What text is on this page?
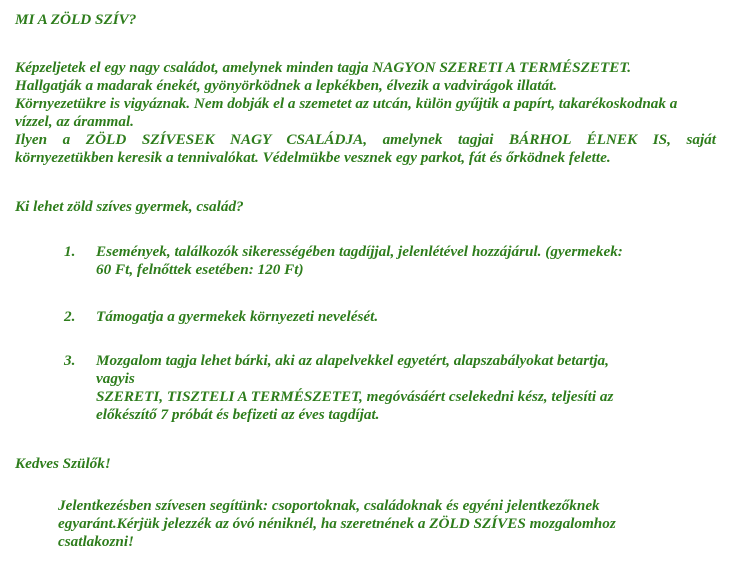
MI A ZÖLD SZÍV?
Képzeljetek el egy nagy családot, amelynek minden tagja NAGYON SZERETI A TERMÉSZETET.
Hallgatják a madarak énekét, gyönyörködnek a lepkékben, élvezik a vadvirágok illatát.
Környezetükre is vigyáznak. Nem dobják el a szemetet az utcán, külön gyűjtik a papírt, takarékoskodnak a
vízzel, az árammal.
Ilyen a ZÖLD SZÍVESEK NAGY CSALÁDJA, amelynek tagjai BÁRHOL ÉLNEK IS, saját
környezetükben keresik a tennivalókat. Védelmükbe vesznek egy parkot, fát és őrködnek felette.
Ki lehet zöld szíves gyermek, család?
1. Események, találkozók sikerességében tagdíjjal, jelenlétével hozzájárul. (gyermekek:
60 Ft, felnőttek esetében: 120 Ft)
2. Támogatja a gyermekek környezeti nevelését.
3. Mozgalom tagja lehet bárki, aki az alapelvekkel egyetért, alapszabályokat betartja,
vagyis
SZERETI, TISZTELI A TERMÉSZETET, megóvásáért cselekedni kész, teljesíti az
előkészítő 7 próbát és befizeti az éves tagdíjat.
Kedves Szülők!
Jelentkezésben szívesen segítünk: csoportoknak, családoknak és egyéni jelentkezőknek
egyaránt.Kérjük jelezzék az óvó néniknél, ha szeretnének a ZÖLD SZÍVES mozgalomhoz
csatlakozni!
